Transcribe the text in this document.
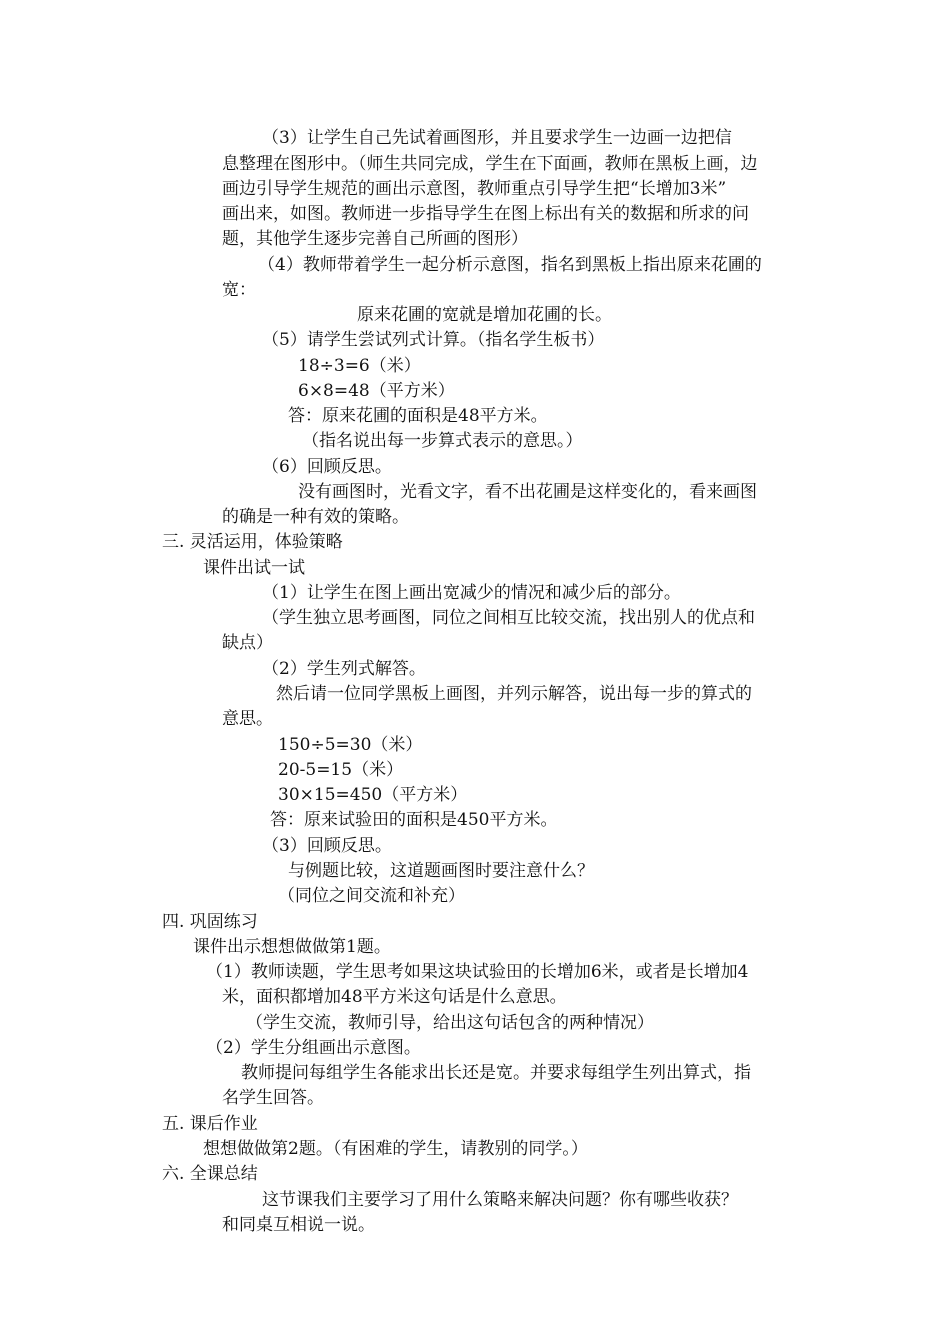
（3）让学生自己先试着画图形，并且要求学生一边画一边把信
息整理在图形中。（师生共同完成，学生在下面画，教师在黑板上画，边
画边引导学生规范的画出示意图，教师重点引导学生把“长增加3米”
画出来，如图。教师进一步指导学生在图上标出有关的数据和所求的问
题，其他学生逐步完善自己所画的图形）
（4）教师带着学生一起分析示意图，指名到黑板上指出原来花圃的
宽：
原来花圃的宽就是增加花圃的长。
（5）请学生尝试列式计算。（指名学生板书）
18÷3=6（米）
6×8=48（平方米）
答：原来花圃的面积是48平方米。
（指名说出每一步算式表示的意思。）
（6）回顾反思。
没有画图时，光看文字，看不出花圃是这样变化的，看来画图
的确是一种有效的策略。
三. 灵活运用，体验策略
课件出试一试
（1）让学生在图上画出宽减少的情况和减少后的部分。
（学生独立思考画图，同位之间相互比较交流，找出别人的优点和
缺点）
（2）学生列式解答。
然后请一位同学黑板上画图，并列示解答，说出每一步的算式的
意思。
150÷5=30（米）
20-5=15（米）
30×15=450（平方米）
答：原来试验田的面积是450平方米。
（3）回顾反思。
与例题比较，这道题画图时要注意什么？
（同位之间交流和补充）
四. 巩固练习
课件出示想想做做第1题。
（1）教师读题，学生思考如果这块试验田的长增加6米，或者是长增加4
米，面积都增加48平方米这句话是什么意思。
（学生交流，教师引导，给出这句话包含的两种情况）
（2）学生分组画出示意图。
教师提问每组学生各能求出长还是宽。并要求每组学生列出算式，指
名学生回答。
五. 课后作业
想想做做第2题。（有困难的学生，请教别的同学。）
六. 全课总结
这节课我们主要学习了用什么策略来解决问题？你有哪些收获？
和同桌互相说一说。
